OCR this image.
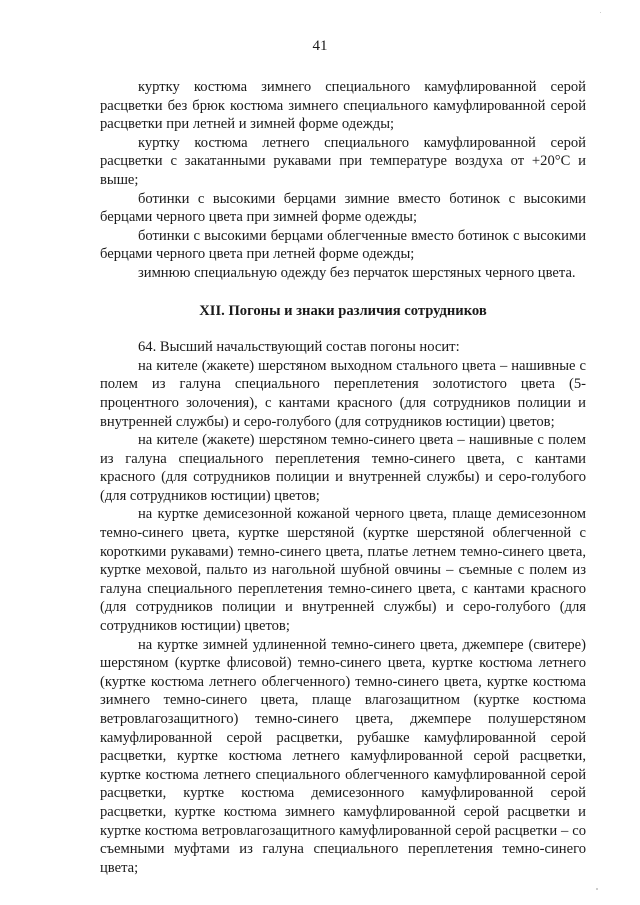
41

куртку костюма зимнего специального камуфлированной серой расцветки без брюк костюма зимнего специального камуфлированной серой расцветки при летней и зимней форме одежды;

куртку костюма летнего специального камуфлированной серой расцветки с закатанными рукавами при температуре воздуха от +20°С и выше;

ботинки с высокими берцами зимние вместо ботинок с высокими берцами черного цвета при зимней форме одежды;

ботинки с высокими берцами облегченные вместо ботинок с высокими берцами черного цвета при летней форме одежды;

зимнюю специальную одежду без перчаток шерстяных черного цвета.

XII. Погоны и знаки различия сотрудников

64. Высший начальствующий состав погоны носит:

на кителе (жакете) шерстяном выходном стального цвета – нашивные с полем из галуна специального переплетения золотистого цвета (5-процентного золочения), с кантами красного (для сотрудников полиции и внутренней службы) и серо-голубого (для сотрудников юстиции) цветов;

на кителе (жакете) шерстяном темно-синего цвета – нашивные с полем из галуна специального переплетения темно-синего цвета, с кантами красного (для сотрудников полиции и внутренней службы) и серо-голубого (для сотрудников юстиции) цветов;

на куртке демисезонной кожаной черного цвета, плаще демисезонном темно-синего цвета, куртке шерстяной (куртке шерстяной облегченной с короткими рукавами) темно-синего цвета, платье летнем темно-синего цвета, куртке меховой, пальто из нагольной шубной овчины – съемные с полем из галуна специального переплетения темно-синего цвета, с кантами красного (для сотрудников полиции и внутренней службы) и серо-голубого (для сотрудников юстиции) цветов;

на куртке зимней удлиненной темно-синего цвета, джемпере (свитере) шерстяном (куртке флисовой) темно-синего цвета, куртке костюма летнего (куртке костюма летнего облегченного) темно-синего цвета, куртке костюма зимнего темно-синего цвета, плаще влагозащитном (куртке костюма ветровлагозащитного) темно-синего цвета, джемпере полушерстяном камуфлированной серой расцветки, рубашке камуфлированной серой расцветки, куртке костюма летнего камуфлированной серой расцветки, куртке костюма летнего специального облегченного камуфлированной серой расцветки, куртке костюма демисезонного камуфлированной серой расцветки, куртке костюма зимнего камуфлированной серой расцветки и куртке костюма ветровлагозащитного камуфлированной серой расцветки – со съемными муфтами из галуна специального переплетения темно-синего цвета;
